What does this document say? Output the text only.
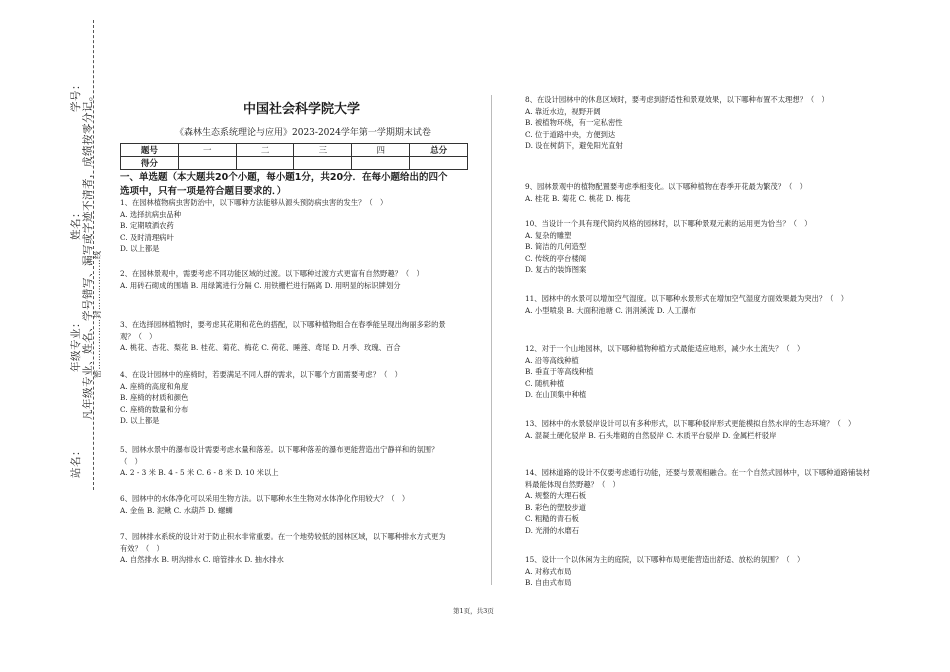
学号：
姓名：
年级专业： 凡年级专业、姓名、学号错写、漏写或字迹不清者，成绩按零分记。 密………………封………………线
站名：
中国社会科学院大学
《森林生态系统理论与应用》2023-2024学年第一学期期末试卷
题号	一	二	三	四	总分
得分					
一、单选题（本大题共20个小题，每小题1分，共20分．在每小题给出的四个
选项中，只有一项是符合题目要求的．）
1、在园林植物病虫害防治中，以下哪种方法能够从源头预防病虫害的发生？（　）
A. 选择抗病虫品种
B. 定期喷洒农药
C. 及时清理病叶
D. 以上都是
2、在园林景观中，需要考虑不同功能区域的过渡。以下哪种过渡方式更富有自然野趣？（　）
A. 用砖石砌成的围墙 B. 用绿篱进行分隔 C. 用铁栅栏进行隔离 D. 用明显的标识牌划分
3、在选择园林植物时，要考虑其花期和花色的搭配，以下哪种植物组合在春季能呈现出绚丽多彩的景观？（　）
A. 桃花、杏花、梨花 B. 桂花、菊花、梅花 C. 荷花、睡莲、鸢尾 D. 月季、玫瑰、百合
4、在设计园林中的座椅时，若要满足不同人群的需求，以下哪个方面需要考虑？（　）
A. 座椅的高度和角度
B. 座椅的材质和颜色
C. 座椅的数量和分布
D. 以上都是
5、园林水景中的瀑布设计需要考虑水量和落差。以下哪种落差的瀑布更能营造出宁静祥和的氛围？（　）
A. 2 - 3 米 B. 4 - 5 米 C. 6 - 8 米 D. 10 米以上
6、园林中的水体净化可以采用生物方法。以下哪种水生生物对水体净化作用较大？（　）
A. 金鱼 B. 泥鳅 C. 水葫芦 D. 螺蛳
7、园林排水系统的设计对于防止积水非常重要。在一个地势较低的园林区域，以下哪种排水方式更为有效？（　）
A. 自然排水 B. 明沟排水 C. 暗管排水 D. 抽水排水
8、在设计园林中的休息区域时，要考虑到舒适性和景观效果，以下哪种布置不太理想？（　）
A. 靠近水边，视野开阔
B. 被植物环绕，有一定私密性
C. 位于道路中央，方便到达
D. 设在树荫下，避免阳光直射
9、园林景观中的植物配置要考虑季相变化。以下哪种植物在春季开花最为繁茂？（　）
A. 桂花 B. 菊花 C. 桃花 D. 梅花
10、当设计一个具有现代简约风格的园林时，以下哪种景观元素的运用更为恰当？（　）
A. 复杂的雕塑
B. 简洁的几何造型
C. 传统的亭台楼阁
D. 复古的装饰图案
11、园林中的水景可以增加空气湿度。以下哪种水景形式在增加空气湿度方面效果最为突出？（　）
A. 小型喷泉 B. 大面积池塘 C. 涓涓溪流 D. 人工瀑布
12、对于一个山地园林，以下哪种植物种植方式最能适应地形，减少水土流失？（　）
A. 沿等高线种植
B. 垂直于等高线种植
C. 随机种植
D. 在山顶集中种植
13、园林中的水景驳岸设计可以有多种形式，以下哪种驳岸形式更能模拟自然水岸的生态环境？（　）
A. 混凝土硬化驳岸 B. 石头堆砌的自然驳岸 C. 木质平台驳岸 D. 金属栏杆驳岸
14、园林道路的设计不仅要考虑通行功能，还要与景观相融合。在一个自然式园林中，以下哪种道路铺装材料最能体现自然野趣？（　）
A. 规整的大理石板
B. 彩色的塑胶步道
C. 粗糙的青石板
D. 光滑的水磨石
15、设计一个以休闲为主的庭院，以下哪种布局更能营造出舒适、放松的氛围？（　）
A. 对称式布局
B. 自由式布局
第1页，共3页
